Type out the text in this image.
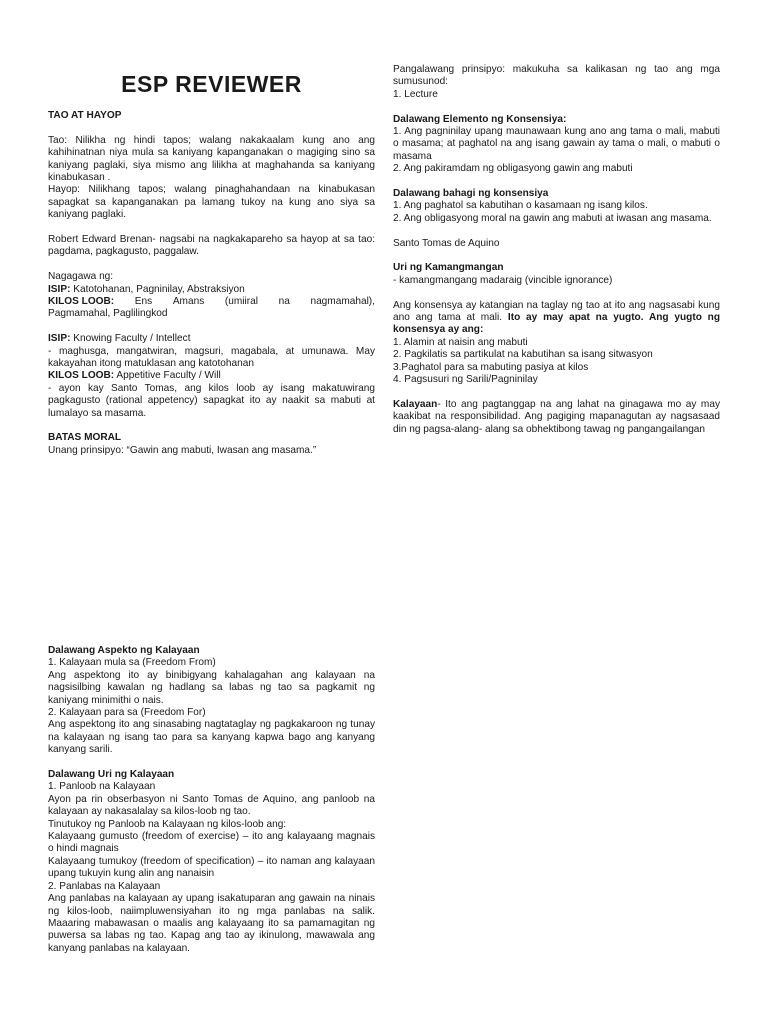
ESP REVIEWER

TAO AT HAYOP

Tao: Nilikha ng hindi tapos; walang nakakaalam kung ano ang kahihinatnan niya mula sa kaniyang kapanganakan o magiging sino sa kaniyang paglaki, siya mismo ang lilikha at maghahanda sa kaniyang kinabukasan .

Hayop: Nilikhang tapos; walang pinaghahandaan na kinabukasan sapagkat sa kapanganakan pa lamang tukoy na kung ano siya sa kaniyang paglaki.

Robert Edward Brenan- nagsabi na nagkakapareho sa hayop at sa tao: pagdama, pagkagusto, paggalaw.

Nagagawa ng:

ISIP: Katotohanan, Pagninilay, Abstraksiyon

KILOS LOOB: Ens Amans (umiiral na nagmamahal),

Pagmamahal, Paglilingkod

ISIP: Knowing Faculty / Intellect

- maghusga, mangatwiran, magsuri, magabala, at umunawa. May kakayahan itong matuklasan ang katotohanan

KILOS LOOB: Appetitive Faculty / Will

- ayon kay Santo Tomas, ang kilos loob ay isang makatuwirang pagkagusto (rational appetency) sapagkat ito ay naakit sa mabuti at lumalayo sa masama.

BATAS MORAL

Unang prinsipyo: “Gawin ang mabuti, Iwasan ang masama.”

Pangalawang prinsipyo: makukuha sa kalikasan ng tao ang mga sumusunod:

1. Lecture

Dalawang Elemento ng Konsensiya:

1. Ang pagninilay upang maunawaan kung ano ang tama o mali, mabuti o masama; at paghatol na ang isang gawain ay tama o mali, o mabuti o masama

2. Ang pakiramdam ng obligasyong gawin ang mabuti

Dalawang bahagi ng konsensiya

1. Ang paghatol sa kabutihan o kasamaan ng isang kilos.

2. Ang obligasyong moral na gawin ang mabuti at iwasan ang masama.

Santo Tomas de Aquino

Uri ng Kamangmangan

- kamangmangang madaraig (vincible ignorance)

Ang konsensya ay katangian na taglay ng tao at ito ang nagsasabi kung ano ang tama at mali. Ito ay may apat na yugto. Ang yugto ng konsensya ay ang:

1. Alamin at naisin ang mabuti

2. Pagkilatis sa partikulat na kabutihan sa isang sitwasyon

3.Paghatol para sa mabuting pasiya at kilos

4. Pagsusuri ng Sarili/Pagninilay

Kalayaan- Ito ang pagtanggap na ang lahat na ginagawa mo ay may kaakibat na responsibilidad. Ang pagiging mapanagutan ay nagsasaad din ng pagsa-alang- alang sa obhektibong tawag ng pangangailangan

Dalawang Aspekto ng Kalayaan

1. Kalayaan mula sa (Freedom From)

Ang aspektong ito ay binibigyang kahalagahan ang kalayaan na nagsisilbing kawalan ng hadlang sa labas ng tao sa pagkamit ng kaniyang minimithi o nais.

2. Kalayaan para sa (Freedom For)

Ang aspektong ito ang sinasabing nagtataglay ng pagkakaroon ng tunay na kalayaan ng isang tao para sa kanyang kapwa bago ang kanyang kanyang sarili.

Dalawang Uri ng Kalayaan

1. Panloob na Kalayaan

Ayon pa rin obserbasyon ni Santo Tomas de Aquino, ang panloob na kalayaan ay nakasalalay sa kilos-loob ng tao.

Tinutukoy ng Panloob na Kalayaan ng kilos-loob ang:

Kalayaang gumusto (freedom of exercise) – ito ang kalayaang magnais o hindi magnais

Kalayaang tumukoy (freedom of specification) – ito naman ang kalayaan upang tukuyin kung alin ang nanaisin

2. Panlabas na Kalayaan

Ang panlabas na kalayaan ay upang isakatuparan ang gawain na ninais ng kilos-loob, naiimpluwensiyahan ito ng mga panlabas na salik. Maaaring mabawasan o maalis ang kalayaang ito sa pamamagitan ng puwersa sa labas ng tao. Kapag ang tao ay ikinulong, mawawala ang kanyang panlabas na kalayaan.
